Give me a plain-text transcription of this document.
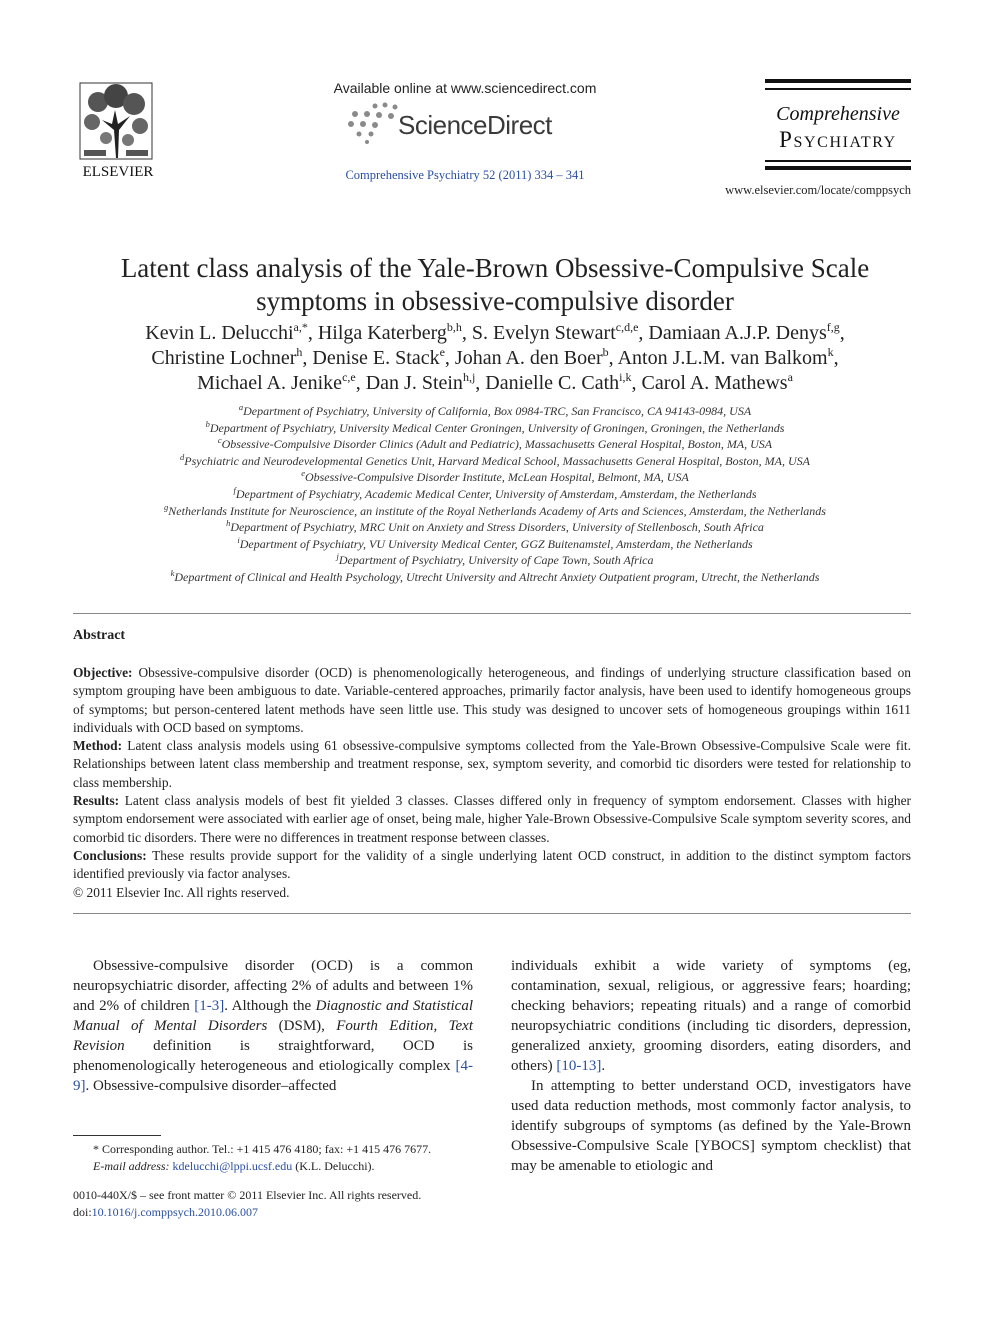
ELSEVIER
Available online at www.sciencedirect.com
ScienceDirect
Comprehensive Psychiatry 52 (2011) 334 – 341
Comprehensive
Psychiatry
www.elsevier.com/locate/comppsych
Latent class analysis of the Yale-Brown Obsessive-Compulsive Scale
symptoms in obsessive-compulsive disorder
Kevin L. Delucchi$^{a,*}$, Hilga Katerberg$^{b,h}$, S. Evelyn Stewart$^{c,d,e}$, Damiaan A.J.P. Denys$^{f,g}$,
Christine Lochner$^h$, Denise E. Stack$^e$, Johan A. den Boer$^b$, Anton J.L.M. van Balkom$^k$,
Michael A. Jenike$^{c,e}$, Dan J. Stein$^{h,j}$, Danielle C. Cath$^{i,k}$, Carol A. Mathews$^a$
$^a$Department of Psychiatry, University of California, Box 0984-TRC, San Francisco, CA 94143-0984, USA
$^b$Department of Psychiatry, University Medical Center Groningen, University of Groningen, Groningen, the Netherlands
$^c$Obsessive-Compulsive Disorder Clinics (Adult and Pediatric), Massachusetts General Hospital, Boston, MA, USA
$^d$Psychiatric and Neurodevelopmental Genetics Unit, Harvard Medical School, Massachusetts General Hospital, Boston, MA, USA
$^e$Obsessive-Compulsive Disorder Institute, McLean Hospital, Belmont, MA, USA
$^f$Department of Psychiatry, Academic Medical Center, University of Amsterdam, Amsterdam, the Netherlands
$^g$Netherlands Institute for Neuroscience, an institute of the Royal Netherlands Academy of Arts and Sciences, Amsterdam, the Netherlands
$^h$Department of Psychiatry, MRC Unit on Anxiety and Stress Disorders, University of Stellenbosch, South Africa
$^i$Department of Psychiatry, VU University Medical Center, GGZ Buitenamstel, Amsterdam, the Netherlands
$^j$Department of Psychiatry, University of Cape Town, South Africa
$^k$Department of Clinical and Health Psychology, Utrecht University and Altrecht Anxiety Outpatient program, Utrecht, the Netherlands
Abstract

Objective: Obsessive-compulsive disorder (OCD) is phenomenologically heterogeneous, and findings of underlying structure classification based on symptom grouping have been ambiguous to date. Variable-centered approaches, primarily factor analysis, have been used to identify homogeneous groups of symptoms; but person-centered latent methods have seen little use. This study was designed to uncover sets of homogeneous groupings within 1611 individuals with OCD based on symptoms.

Method: Latent class analysis models using 61 obsessive-compulsive symptoms collected from the Yale-Brown Obsessive-Compulsive Scale were fit. Relationships between latent class membership and treatment response, sex, symptom severity, and comorbid tic disorders were tested for relationship to class membership.

Results: Latent class analysis models of best fit yielded 3 classes. Classes differed only in frequency of symptom endorsement. Classes with higher symptom endorsement were associated with earlier age of onset, being male, higher Yale-Brown Obsessive-Compulsive Scale symptom severity scores, and comorbid tic disorders. There were no differences in treatment response between classes.

Conclusions: These results provide support for the validity of a single underlying latent OCD construct, in addition to the distinct symptom factors identified previously via factor analyses.

© 2011 Elsevier Inc. All rights reserved.

Obsessive-compulsive disorder (OCD) is a common neuropsychiatric disorder, affecting 2% of adults and between 1% and 2% of children [1-3]. Although the Diagnostic and Statistical Manual of Mental Disorders (DSM), Fourth Edition, Text Revision definition is straightforward, OCD is phenomenologically heterogeneous and etiologically complex [4-9]. Obsessive-compulsive disorder–affected

individuals exhibit a wide variety of symptoms (eg, contamination, sexual, religious, or aggressive fears; hoarding; checking behaviors; repeating rituals) and a range of comorbid neuropsychiatric conditions (including tic disorders, depression, generalized anxiety, grooming disorders, eating disorders, and others) [10-13].

In attempting to better understand OCD, investigators have used data reduction methods, most commonly factor analysis, to identify subgroups of symptoms (as defined by the Yale-Brown Obsessive-Compulsive Scale [YBOCS] symptom checklist) that may be amenable to etiologic and

* Corresponding author. Tel.: +1 415 476 4180; fax: +1 415 476 7677.

E-mail address: kdelucchi@lppi.ucsf.edu (K.L. Delucchi).

0010-440X/$ – see front matter © 2011 Elsevier Inc. All rights reserved.

doi:10.1016/j.comppsych.2010.06.007
